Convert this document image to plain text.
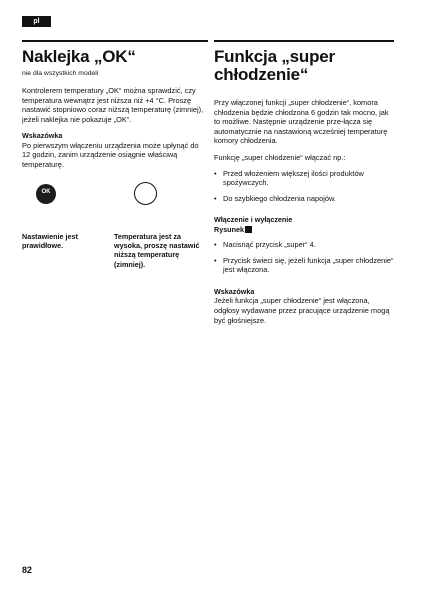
pl
Naklejka „OK“

nie dla wszystkich modeli

Kontrolerem temperatury „OK“ można sprawdzić, czy temperatura wewnątrz jest niższa niż +4 °C. Proszę nastawić stopniowo coraz niższą temperaturę (zimniej), jeżeli naklejka nie pokazuje „OK“.

Wskazówka

Po pierwszym włączeniu urządzenia może upłynąć do 12 godzin, zanim urządzenie osiągnie właściwą temperaturę.

OK

Nastawienie jest prawidłowe.

Temperatura jest za wysoka, proszę nastawić niższą temperaturę (zimniej).

Funkcja „super chłodzenie“

Przy włączonej funkcji „super chłodzenie“, komora chłodzenia będzie chłodzona 6 godzin tak mocno, jak to możliwe. Następnie urządzenie prze-łącza się automatycznie na nastawioną wcześniej temperaturę komory chłodzenia.

Funkcję „super chłodzenie“ włączać np.:

• Przed włożeniem większej ilości produktów spożywczych.
• Do szybkiego chłodzenia napojów.

Włączenie i wyłączenie
Rysunek

• Nacisnąć przycisk „super“ 4.
• Przycisk świeci się, jeżeli funkcja „super chłodzenie“ jest włączona.

Wskazówka

Jeżeli funkcja „super chłodzenie“ jest włączona, odgłosy wydawane przez pracujące urządzenie mogą być głośniejsze.

82
